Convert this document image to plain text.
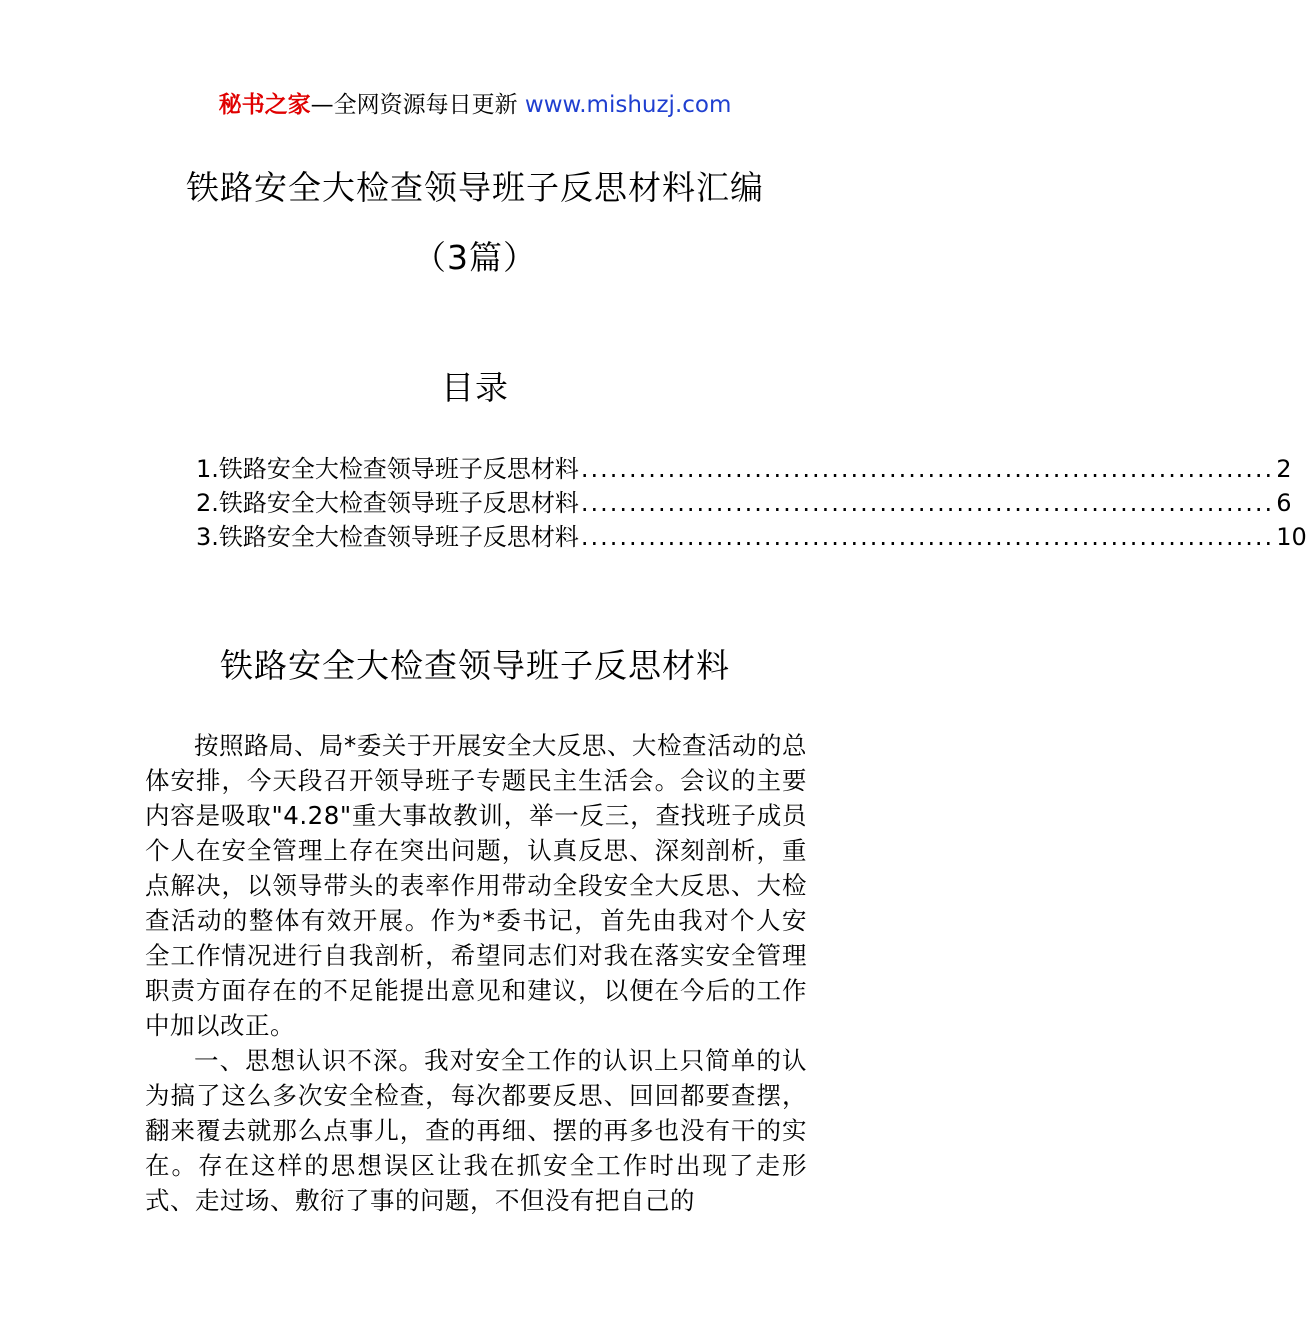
秘书之家—全网资源每日更新 www.mishuzj.com
铁路安全大检查领导班子反思材料汇编
（3篇）
目录
1.铁路安全大检查领导班子反思材料 ........................................................................ 2
2.铁路安全大检查领导班子反思材料 ........................................................................ 6
3.铁路安全大检查领导班子反思材料 ........................................................................ 10
铁路安全大检查领导班子反思材料

按照路局、局*委关于开展安全大反思、大检查活动的总体安排，今天段召开领导班子专题民主生活会。会议的主要内容是吸取"4.28"重大事故教训，举一反三，查找班子成员个人在安全管理上存在突出问题，认真反思、深刻剖析，重点解决，以领导带头的表率作用带动全段安全大反思、大检查活动的整体有效开展。作为*委书记，首先由我对个人安全工作情况进行自我剖析，希望同志们对我在落实安全管理职责方面存在的不足能提出意见和建议，以便在今后的工作中加以改正。

一、思想认识不深。我对安全工作的认识上只简单的认为搞了这么多次安全检查，每次都要反思、回回都要查摆，翻来覆去就那么点事儿，查的再细、摆的再多也没有干的实在。存在这样的思想误区让我在抓安全工作时出现了走形式、走过场、敷衍了事的问题，不但没有把自己的
